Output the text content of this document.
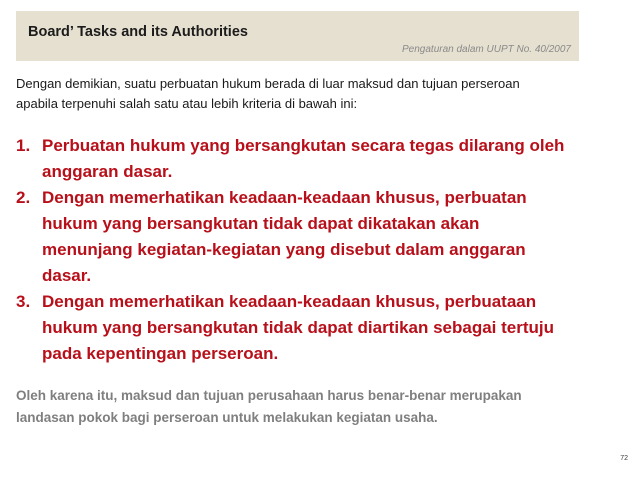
Board’ Tasks and its Authorities
Pengaturan dalam UUPT No. 40/2007
Dengan demikian, suatu perbuatan hukum berada di luar maksud dan tujuan perseroan
apabila terpenuhi salah satu atau lebih kriteria di bawah ini:
1. Perbuatan hukum yang bersangkutan secara tegas dilarang oleh
anggaran dasar.
2. Dengan memerhatikan keadaan-keadaan khusus, perbuatan
hukum yang bersangkutan tidak dapat dikatakan akan
menunjang kegiatan-kegiatan yang disebut dalam anggaran
dasar.
3. Dengan memerhatikan keadaan-keadaan khusus, perbuataan
hukum yang bersangkutan tidak dapat diartikan sebagai tertuju
pada kepentingan perseroan.
Oleh karena itu, maksud dan tujuan perusahaan harus benar-benar merupakan
landasan pokok bagi perseroan untuk melakukan kegiatan usaha.
72
